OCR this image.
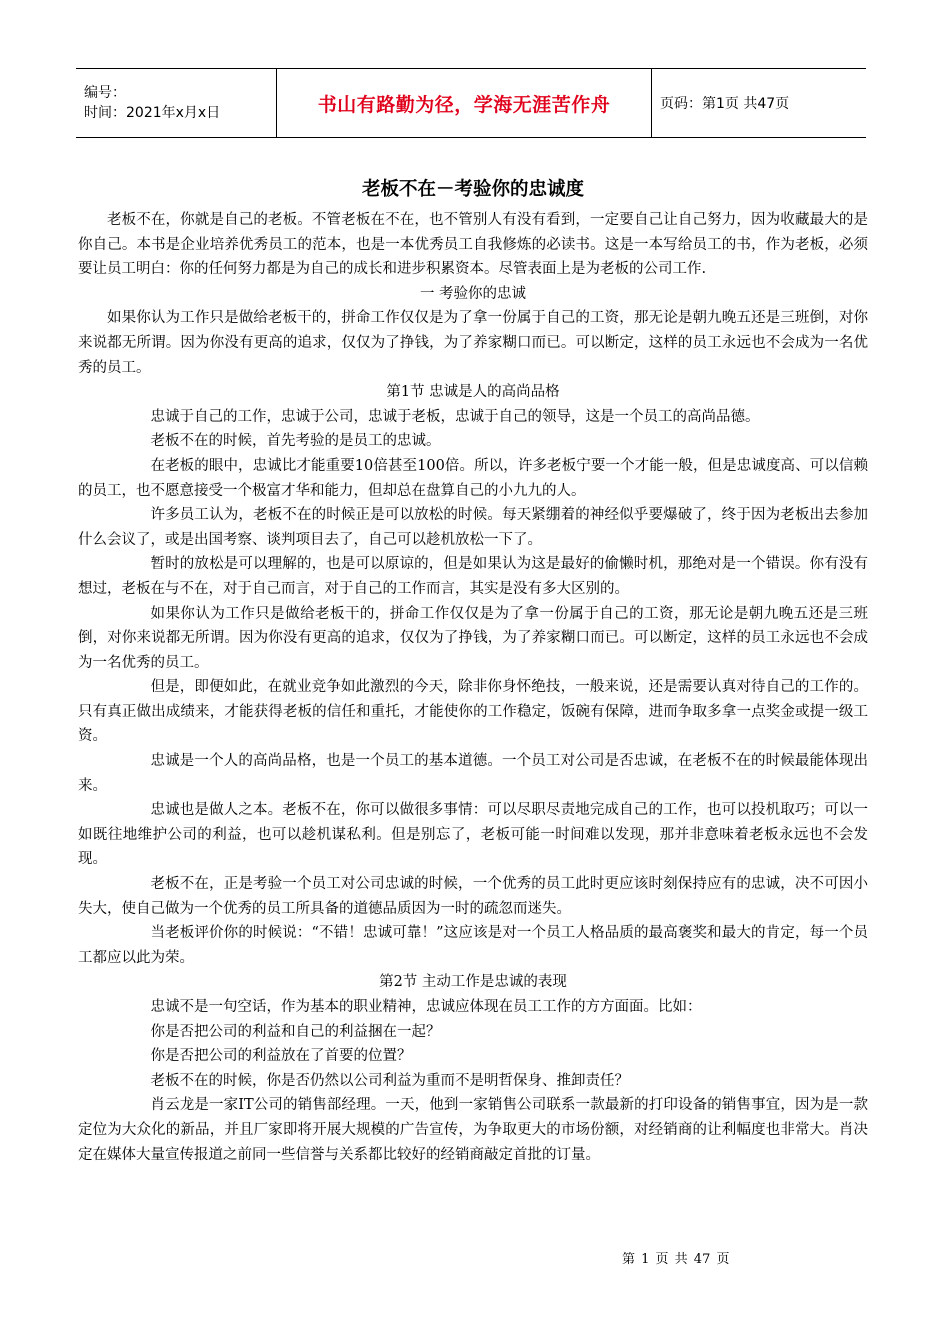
编号：
时间：2021年x月x日	书山有路勤为径，学海无涯苦作舟	页码：第1页 共47页
老板不在－考验你的忠诚度

老板不在，你就是自己的老板。不管老板在不在，也不管别人有没有看到，一定要自己让自己努力，因为收藏最大的是你自己。本书是企业培养优秀员工的范本，也是一本优秀员工自我修炼的必读书。这是一本写给员工的书，作为老板，必须要让员工明白：你的任何努力都是为自己的成长和进步积累资本。尽管表面上是为老板的公司工作.

一 考验你的忠诚

如果你认为工作只是做给老板干的，拼命工作仅仅是为了拿一份属于自己的工资，那无论是朝九晚五还是三班倒，对你来说都无所谓。因为你没有更高的追求，仅仅为了挣钱，为了养家糊口而已。可以断定，这样的员工永远也不会成为一名优秀的员工。

第1节 忠诚是人的高尚品格

忠诚于自己的工作，忠诚于公司，忠诚于老板，忠诚于自己的领导，这是一个员工的高尚品德。

老板不在的时候，首先考验的是员工的忠诚。

在老板的眼中，忠诚比才能重要10倍甚至100倍。所以，许多老板宁要一个才能一般，但是忠诚度高、可以信赖的员工，也不愿意接受一个极富才华和能力，但却总在盘算自己的小九九的人。

许多员工认为，老板不在的时候正是可以放松的时候。每天紧绷着的神经似乎要爆破了，终于因为老板出去参加什么会议了，或是出国考察、谈判项目去了，自己可以趁机放松一下了。

暂时的放松是可以理解的，也是可以原谅的，但是如果认为这是最好的偷懒时机，那绝对是一个错误。你有没有想过，老板在与不在，对于自己而言，对于自己的工作而言，其实是没有多大区别的。

如果你认为工作只是做给老板干的，拼命工作仅仅是为了拿一份属于自己的工资，那无论是朝九晚五还是三班倒，对你来说都无所谓。因为你没有更高的追求，仅仅为了挣钱，为了养家糊口而已。可以断定，这样的员工永远也不会成为一名优秀的员工。

但是，即便如此，在就业竞争如此激烈的今天，除非你身怀绝技，一般来说，还是需要认真对待自己的工作的。只有真正做出成绩来，才能获得老板的信任和重托，才能使你的工作稳定，饭碗有保障，进而争取多拿一点奖金或提一级工资。

忠诚是一个人的高尚品格，也是一个员工的基本道德。一个员工对公司是否忠诚，在老板不在的时候最能体现出来。

忠诚也是做人之本。老板不在，你可以做很多事情：可以尽职尽责地完成自己的工作，也可以投机取巧；可以一如既往地维护公司的利益，也可以趁机谋私利。但是别忘了，老板可能一时间难以发现，那并非意味着老板永远也不会发现。

老板不在，正是考验一个员工对公司忠诚的时候，一个优秀的员工此时更应该时刻保持应有的忠诚，决不可因小失大，使自己做为一个优秀的员工所具备的道德品质因为一时的疏忽而迷失。

当老板评价你的时候说：“不错！忠诚可靠！”这应该是对一个员工人格品质的最高褒奖和最大的肯定，每一个员工都应以此为荣。

第2节 主动工作是忠诚的表现

忠诚不是一句空话，作为基本的职业精神，忠诚应体现在员工工作的方方面面。比如：

你是否把公司的利益和自己的利益捆在一起？

你是否把公司的利益放在了首要的位置？

老板不在的时候，你是否仍然以公司利益为重而不是明哲保身、推卸责任？

肖云龙是一家IT公司的销售部经理。一天，他到一家销售公司联系一款最新的打印设备的销售事宜，因为是一款定位为大众化的新品，并且厂家即将开展大规模的广告宣传，为争取更大的市场份额，对经销商的让利幅度也非常大。肖决定在媒体大量宣传报道之前同一些信誉与关系都比较好的经销商敲定首批的订量。

第 1 页 共 47 页
